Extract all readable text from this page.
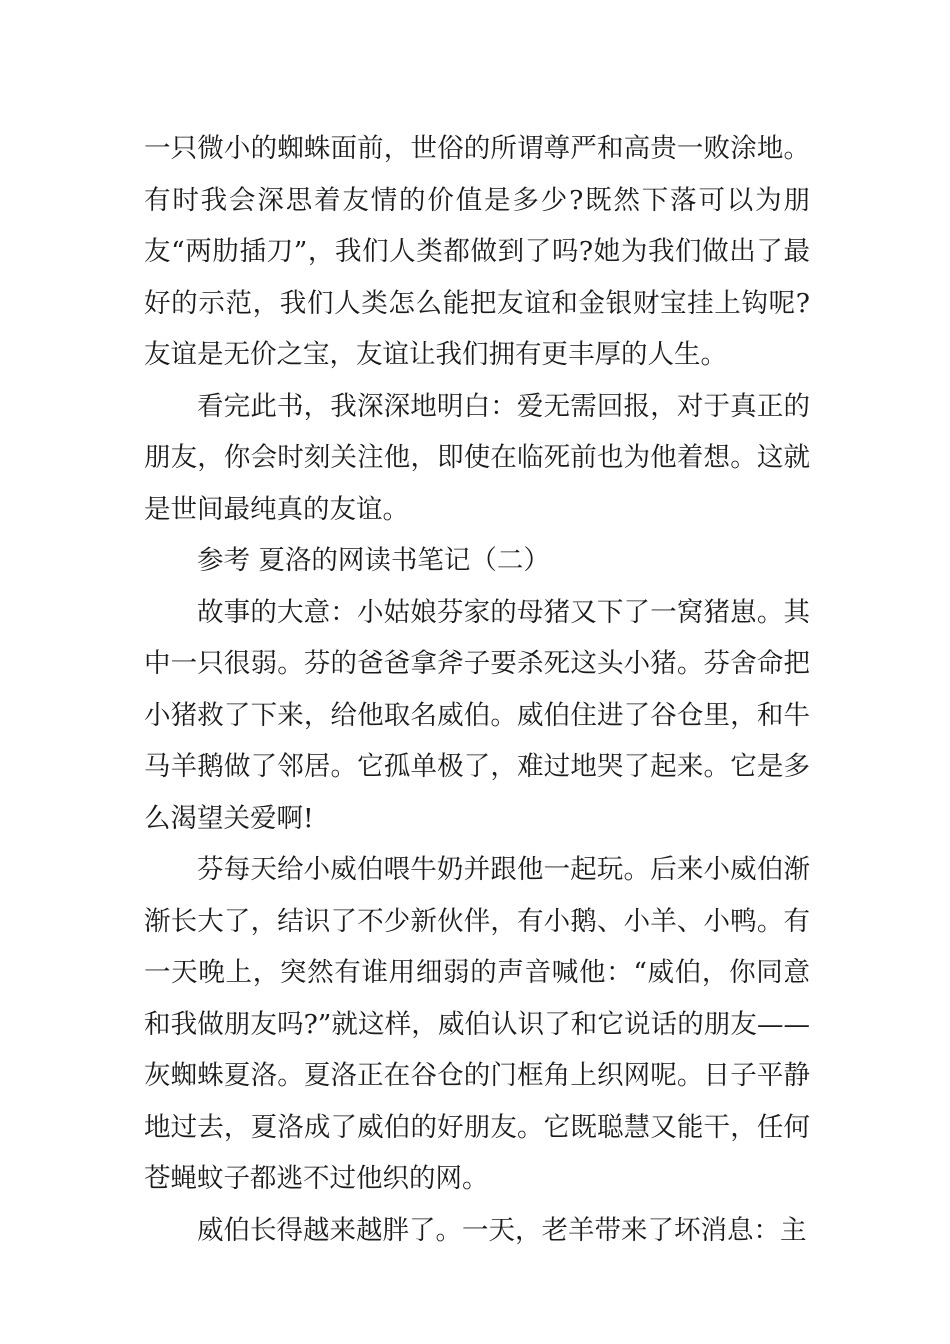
一只微小的蜘蛛面前，世俗的所谓尊严和高贵一败涂地。有时我会深思着友情的价值是多少?既然下落可以为朋友“两肋插刀”，我们人类都做到了吗?她为我们做出了最好的示范，我们人类怎么能把友谊和金银财宝挂上钩呢?友谊是无价之宝，友谊让我们拥有更丰厚的人生。

看完此书，我深深地明白：爱无需回报，对于真正的朋友，你会时刻关注他，即使在临死前也为他着想。这就是世间最纯真的友谊。

参考 夏洛的网读书笔记（二）

故事的大意：小姑娘芬家的母猪又下了一窝猪崽。其中一只很弱。芬的爸爸拿斧子要杀死这头小猪。芬舍命把小猪救了下来，给他取名威伯。威伯住进了谷仓里，和牛马羊鹅做了邻居。它孤单极了，难过地哭了起来。它是多么渴望关爱啊!

芬每天给小威伯喂牛奶并跟他一起玩。后来小威伯渐渐长大了，结识了不少新伙伴，有小鹅、小羊、小鸭。有一天晚上，突然有谁用细弱的声音喊他：“威伯，你同意和我做朋友吗?”就这样，威伯认识了和它说话的朋友——灰蜘蛛夏洛。夏洛正在谷仓的门框角上织网呢。日子平静地过去，夏洛成了威伯的好朋友。它既聪慧又能干，任何苍蝇蚊子都逃不过他织的网。

威伯长得越来越胖了。一天，老羊带来了坏消息：主
